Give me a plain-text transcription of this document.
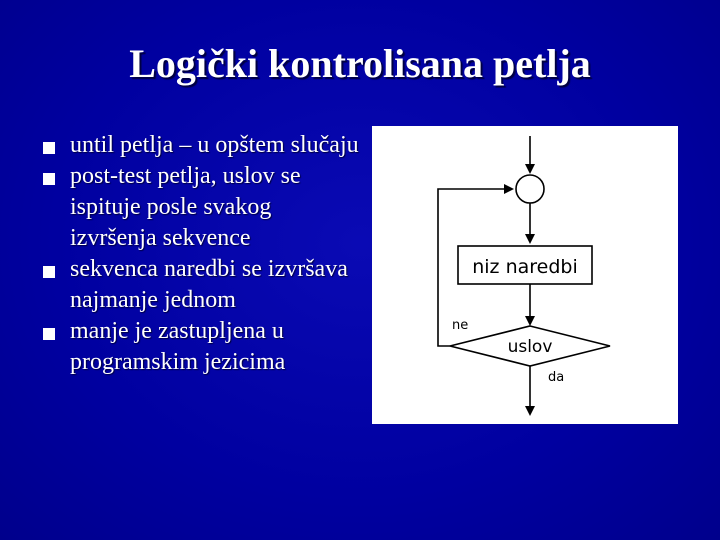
Logički kontrolisana petlja
until petlja – u opštem slučaju
post-test petlja, uslov se ispituje posle svakog izvršenja sekvence
sekvenca naredbi se izvršava najmanje jednom
manje je zastupljena u programskim jezicima
niz naredbi
uslov
ne
da
